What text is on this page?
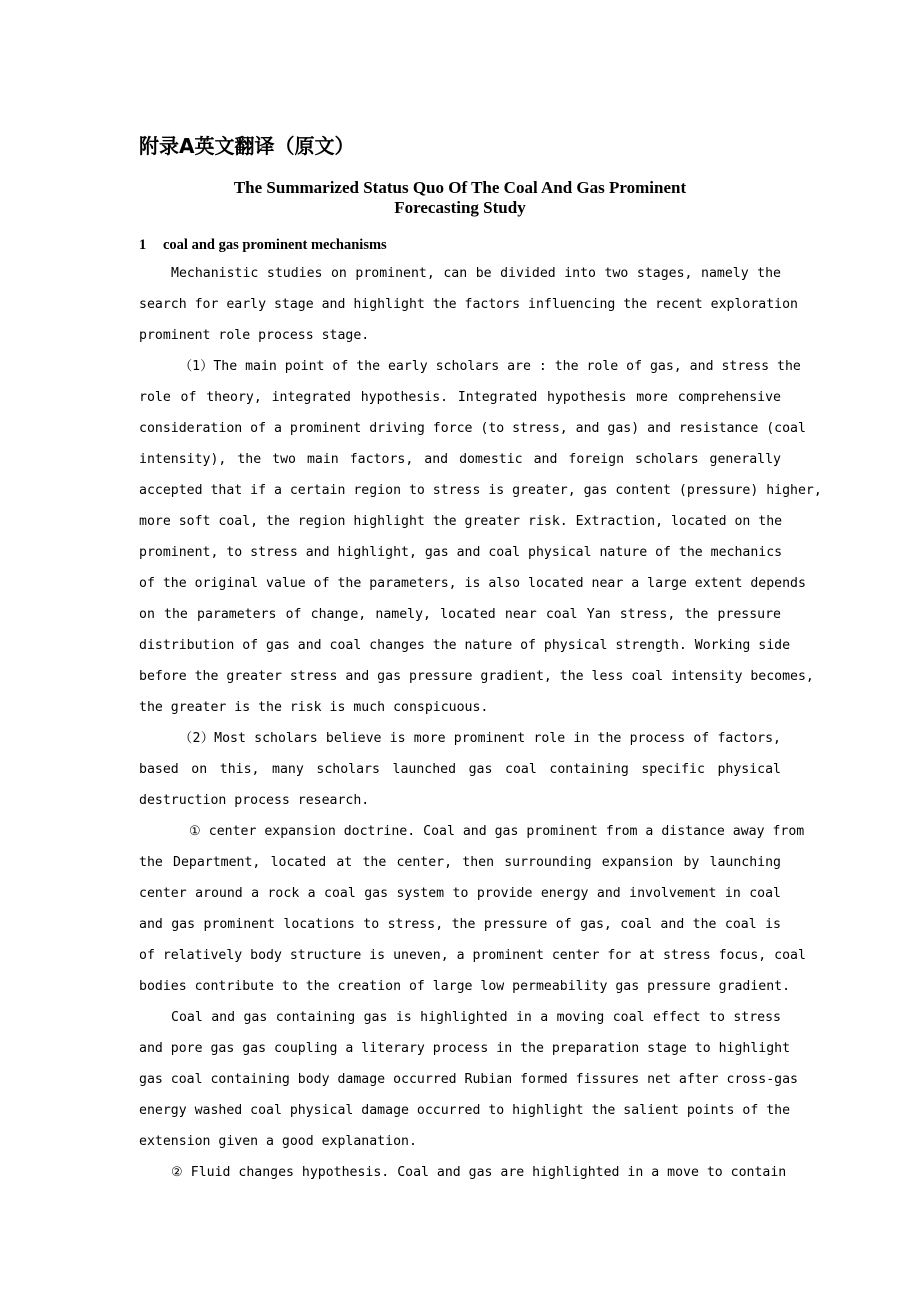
附录A英文翻译（原文）
The Summarized Status Quo Of The Coal And Gas Prominent
Forecasting Study
1 coal and gas prominent mechanisms
Mechanistic studies on prominent, can be divided into two stages, namely the
search for early stage and highlight the factors influencing the recent exploration
prominent role process stage.
（1）The main point of the early scholars are : the role of gas, and stress the
role of theory, integrated hypothesis. Integrated hypothesis more comprehensive
consideration of a prominent driving force (to stress, and gas) and resistance (coal
intensity), the two main factors, and domestic and foreign scholars generally
accepted that if a certain region to stress is greater, gas content (pressure) higher,
more soft coal, the region highlight the greater risk. Extraction, located on the
prominent, to stress and highlight, gas and coal physical nature of the mechanics
of the original value of the parameters, is also located near a large extent depends
on the parameters of change, namely, located near coal Yan stress, the pressure
distribution of gas and coal changes the nature of physical strength. Working side
before the greater stress and gas pressure gradient, the less coal intensity becomes,
the greater is the risk is much conspicuous.
（2）Most scholars believe is more prominent role in the process of factors,
based on this, many scholars launched gas coal containing specific physical
destruction process research.
① center expansion doctrine. Coal and gas prominent from a distance away from
the Department, located at the center, then surrounding expansion by launching
center around a rock a coal gas system to provide energy and involvement in coal
and gas prominent locations to stress, the pressure of gas, coal and the coal is
of relatively body structure is uneven, a prominent center for at stress focus, coal
bodies contribute to the creation of large low permeability gas pressure gradient.
Coal and gas containing gas is highlighted in a moving coal effect to stress
and pore gas gas coupling a literary process in the preparation stage to highlight
gas coal containing body damage occurred Rubian formed fissures net after cross-gas
energy washed coal physical damage occurred to highlight the salient points of the
extension given a good explanation.
② Fluid changes hypothesis. Coal and gas are highlighted in a move to contain
